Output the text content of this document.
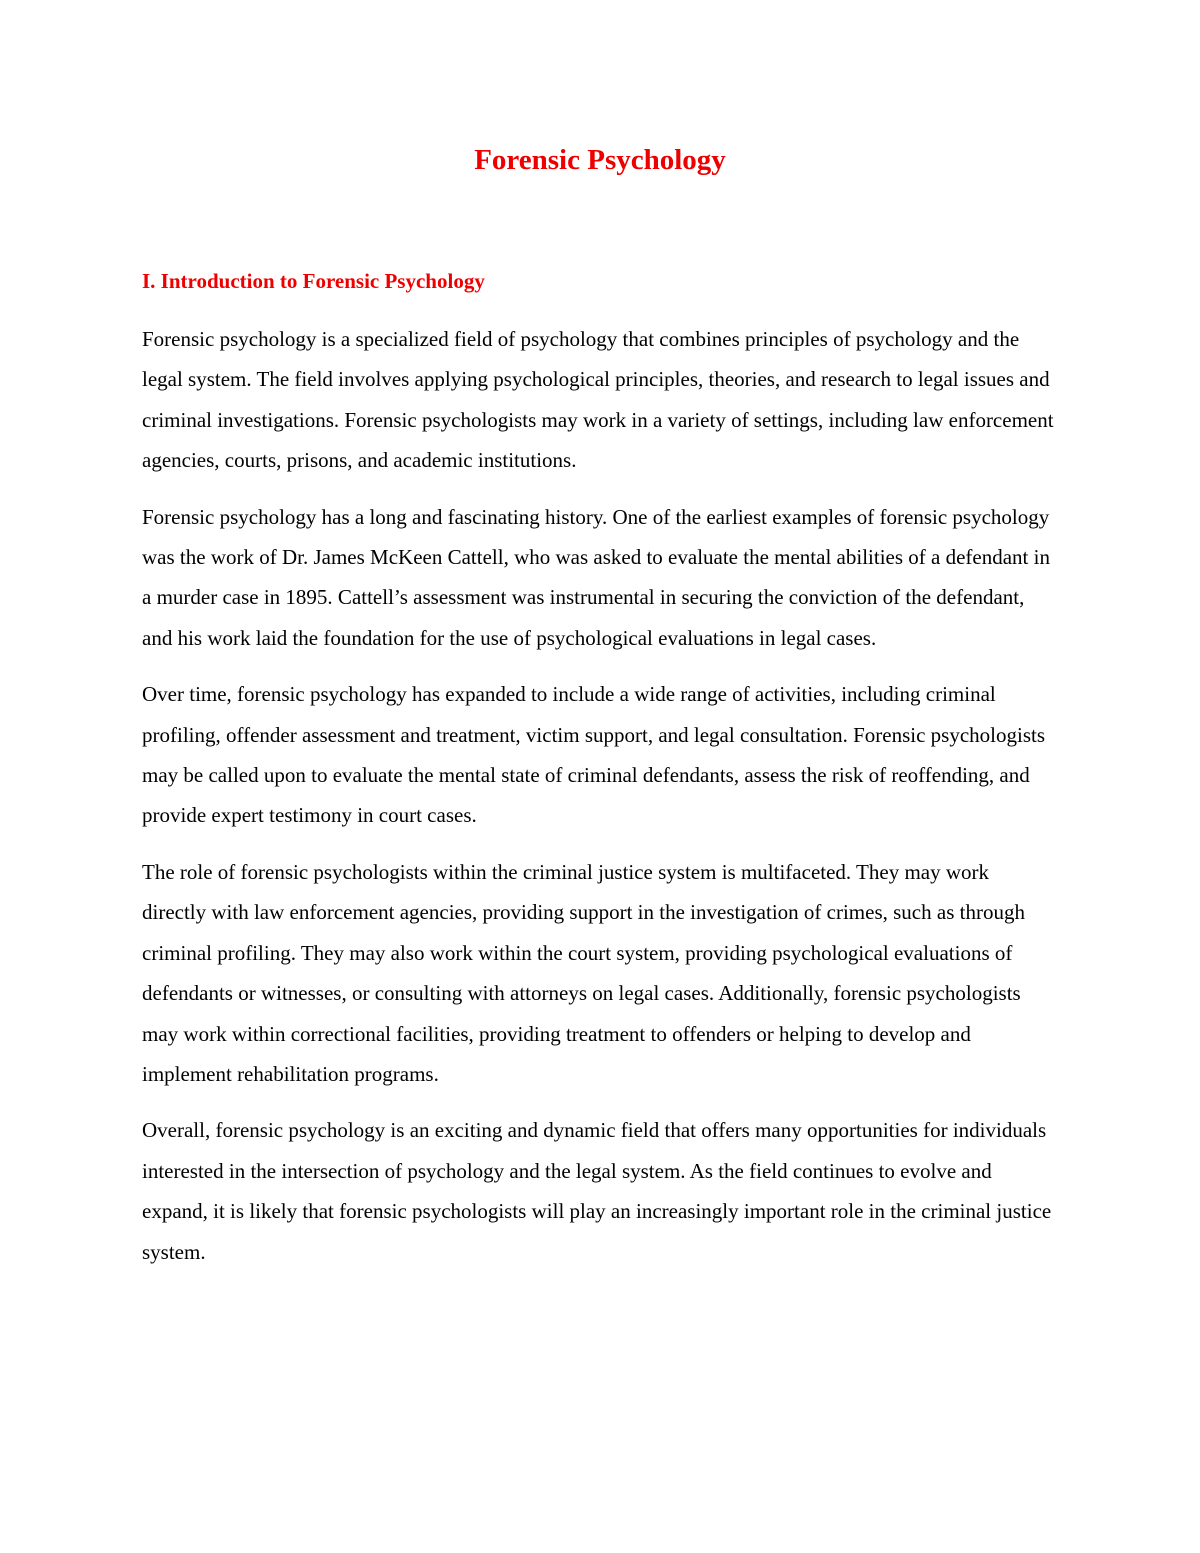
Forensic Psychology
I. Introduction to Forensic Psychology

Forensic psychology is a specialized field of psychology that combines principles of psychology and the legal system. The field involves applying psychological principles, theories, and research to legal issues and criminal investigations. Forensic psychologists may work in a variety of settings, including law enforcement agencies, courts, prisons, and academic institutions.

Forensic psychology has a long and fascinating history. One of the earliest examples of forensic psychology was the work of Dr. James McKeen Cattell, who was asked to evaluate the mental abilities of a defendant in a murder case in 1895. Cattell’s assessment was instrumental in securing the conviction of the defendant, and his work laid the foundation for the use of psychological evaluations in legal cases.

Over time, forensic psychology has expanded to include a wide range of activities, including criminal profiling, offender assessment and treatment, victim support, and legal consultation. Forensic psychologists may be called upon to evaluate the mental state of criminal defendants, assess the risk of reoffending, and provide expert testimony in court cases.

The role of forensic psychologists within the criminal justice system is multifaceted. They may work directly with law enforcement agencies, providing support in the investigation of crimes, such as through criminal profiling. They may also work within the court system, providing psychological evaluations of defendants or witnesses, or consulting with attorneys on legal cases. Additionally, forensic psychologists may work within correctional facilities, providing treatment to offenders or helping to develop and implement rehabilitation programs.

Overall, forensic psychology is an exciting and dynamic field that offers many opportunities for individuals interested in the intersection of psychology and the legal system. As the field continues to evolve and expand, it is likely that forensic psychologists will play an increasingly important role in the criminal justice system.
